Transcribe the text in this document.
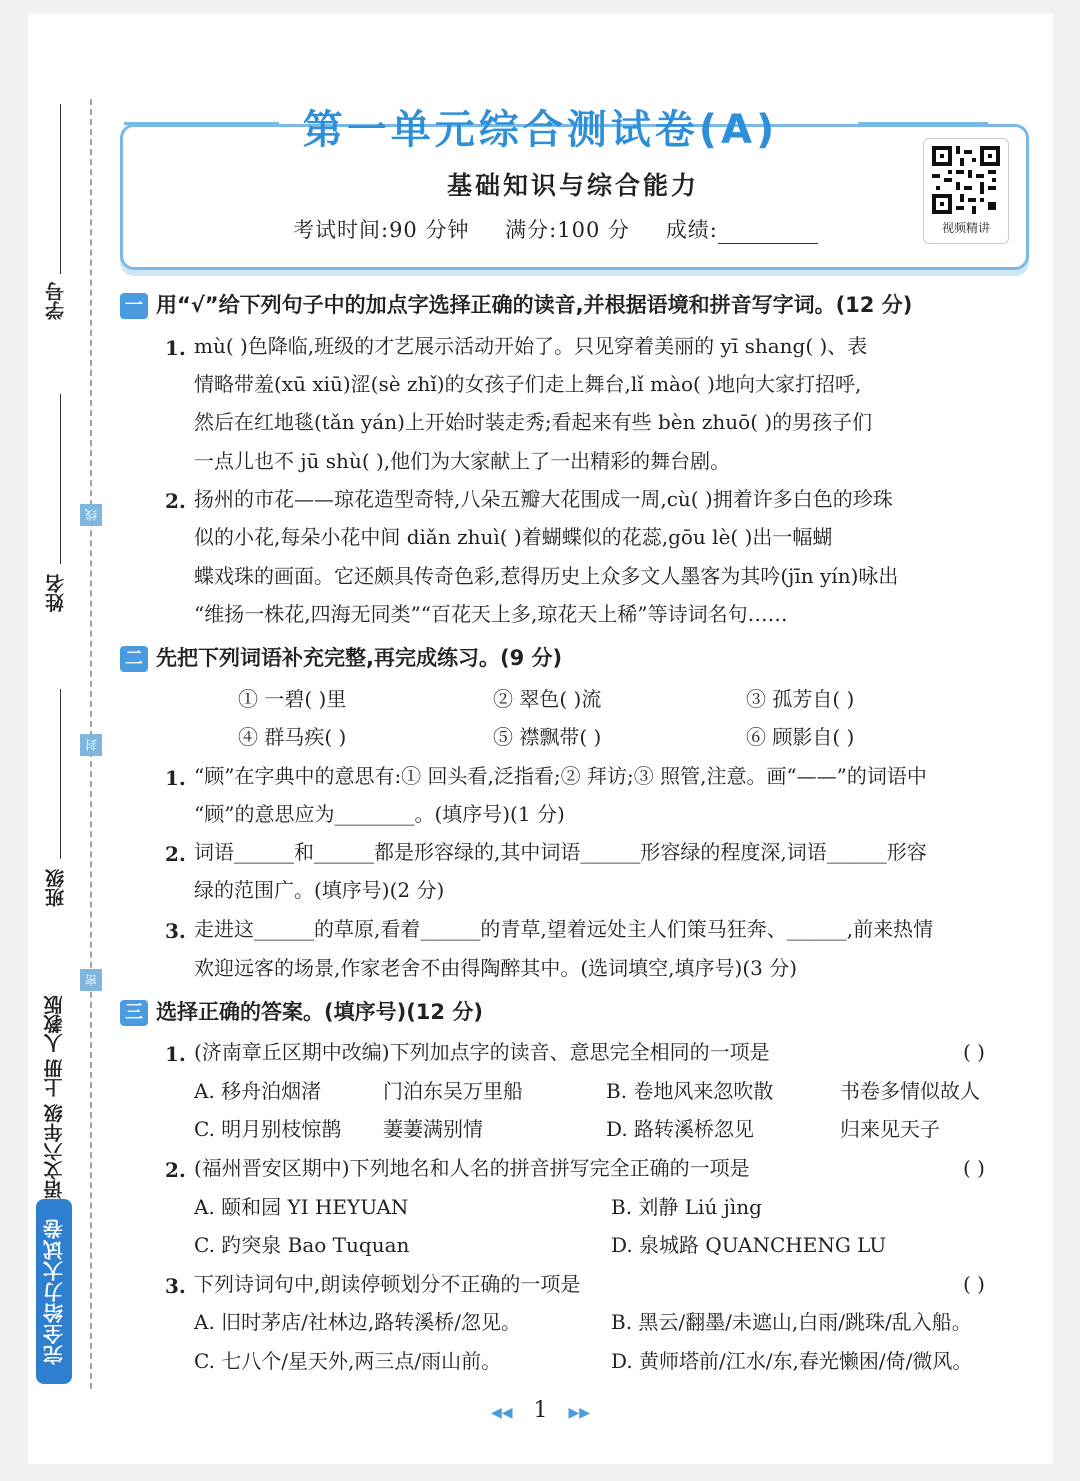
学号
姓名
班级
线
封
密
语文六年级 上册 人教版
完全给力大试卷
第一单元综合测试卷(A)
基础知识与综合能力
考试时间:90 分钟 满分:100 分 成绩:	视频精讲
一 用“√”给下列句子中的加点字选择正确的读音,并根据语境和拼音写字词。(12 分)
1. mù( )色降临,班级的才艺展示活动开始了。只见穿着美丽的 yī shang( )、表
情略带羞(xū xiū)涩(sè zhǐ)的女孩子们走上舞台,lǐ mào( )地向大家打招呼,
然后在红地毯(tǎn yán)上开始时装走秀;看起来有些 bèn zhuō( )的男孩子们
一点儿也不 jū shù( ),他们为大家献上了一出精彩的舞台剧。
2. 扬州的市花——琼花造型奇特,八朵五瓣大花围成一周,cù( )拥着许多白色的珍珠
似的小花,每朵小花中间 diǎn zhuì( )着蝴蝶似的花蕊,gōu lè( )出一幅蝴
蝶戏珠的画面。它还颇具传奇色彩,惹得历史上众多文人墨客为其吟(jīn yín)咏出
“维扬一株花,四海无同类”“百花天上多,琼花天上稀”等诗词名句……
二 先把下列词语补充完整,再完成练习。(9 分)
① 一碧( )里	② 翠色( )流	③ 孤芳自( )
④ 群马疾( )	⑤ 襟飘带( )	⑥ 顾影自( )
1. “顾”在字典中的意思有:① 回头看,泛指看;② 拜访;③ 照管,注意。画“——”的词语中
“顾”的意思应为________。(填序号)(1 分)
2. 词语______和______都是形容绿的,其中词语______形容绿的程度深,词语______形容
绿的范围广。(填序号)(2 分)
3. 走进这______的草原,看着______的青草,望着远处主人们策马狂奔、______,前来热情
欢迎远客的场景,作家老舍不由得陶醉其中。(选词填空,填序号)(3 分)
三 选择正确的答案。(填序号)(12 分)
1. (济南章丘区期中改编)下列加点字的读音、意思完全相同的一项是	( )
A. 移舟泊烟渚	门泊东吴万里船	B. 卷地风来忽吹散	书卷多情似故人
C. 明月别枝惊鹊 萋萋满别情	D. 路转溪桥忽见	归来见天子
2. (福州晋安区期中)下列地名和人名的拼音拼写完全正确的一项是	( )
A. 颐和园 YI HEYUAN	B. 刘静 Liú jìng
C. 趵突泉 Bao Tuquan	D. 泉城路 QUANCHENG LU
3. 下列诗词句中,朗读停顿划分不正确的一项是	( )
A. 旧时茅店/社林边,路转溪桥/忽见。	B. 黑云/翻墨/未遮山,白雨/跳珠/乱入船。
C. 七八个/星天外,两三点/雨山前。	D. 黄师塔前/江水/东,春光懒困/倚/微风。
◀◀ 1 ▶▶
